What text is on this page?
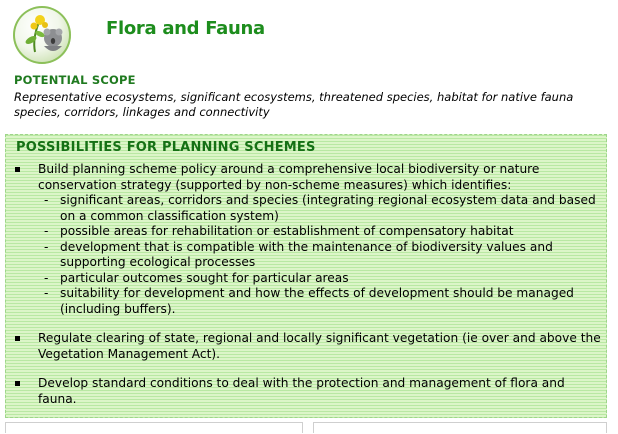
Flora and Fauna
POTENTIAL SCOPE
Representative ecosystems, significant ecosystems, threatened species, habitat for native fauna species, corridors, linkages and connectivity
POSSIBILITIES FOR PLANNING SCHEMES
Build planning scheme policy around a comprehensive local biodiversity or nature conservation strategy (supported by non-scheme measures) which identifies:
- significant areas, corridors and species (integrating regional ecosystem data and based on a common classification system)
- possible areas for rehabilitation or establishment of compensatory habitat
- development that is compatible with the maintenance of biodiversity values and supporting ecological processes
- particular outcomes sought for particular areas
- suitability for development and how the effects of development should be managed (including buffers).
Regulate clearing of state, regional and locally significant vegetation (ie over and above the Vegetation Management Act).
Develop standard conditions to deal with the protection and management of flora and fauna.
